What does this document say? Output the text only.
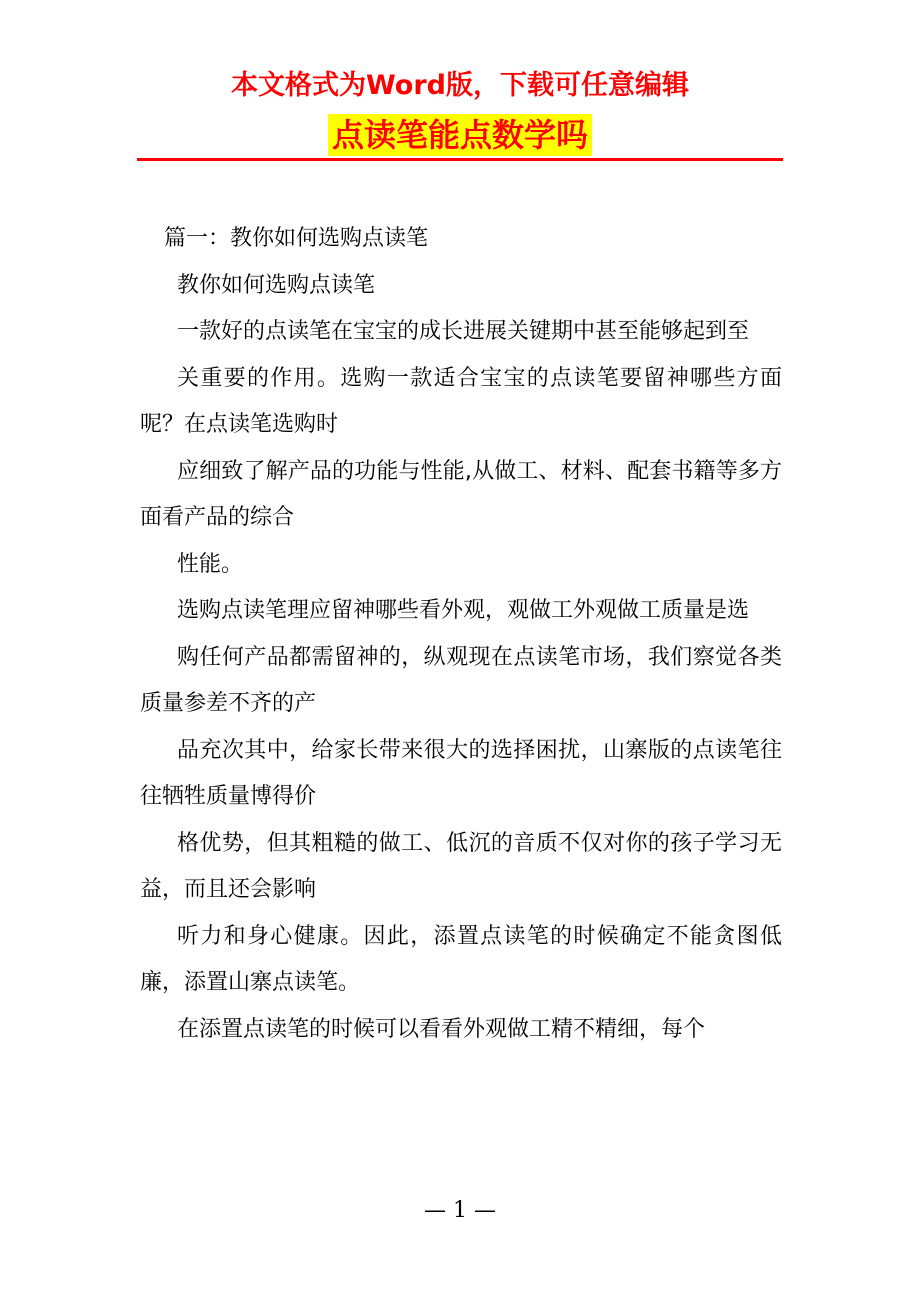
本文格式为Word版，下载可任意编辑
点读笔能点数学吗

篇一：教你如何选购点读笔

教你如何选购点读笔

一款好的点读笔在宝宝的成长进展关键期中甚至能够起到至

关重要的作用。选购一款适合宝宝的点读笔要留神哪些方面呢？在点读笔选购时

应细致了解产品的功能与性能,从做工、材料、配套书籍等多方面看产品的综合

性能。

选购点读笔理应留神哪些看外观，观做工外观做工质量是选

购任何产品都需留神的，纵观现在点读笔市场，我们察觉各类质量参差不齐的产

品充次其中，给家长带来很大的选择困扰，山寨版的点读笔往往牺牲质量博得价

格优势，但其粗糙的做工、低沉的音质不仅对你的孩子学习无益，而且还会影响

听力和身心健康。因此，添置点读笔的时候确定不能贪图低廉，添置山寨点读笔。

在添置点读笔的时候可以看看外观做工精不精细，每个

— 1 —
